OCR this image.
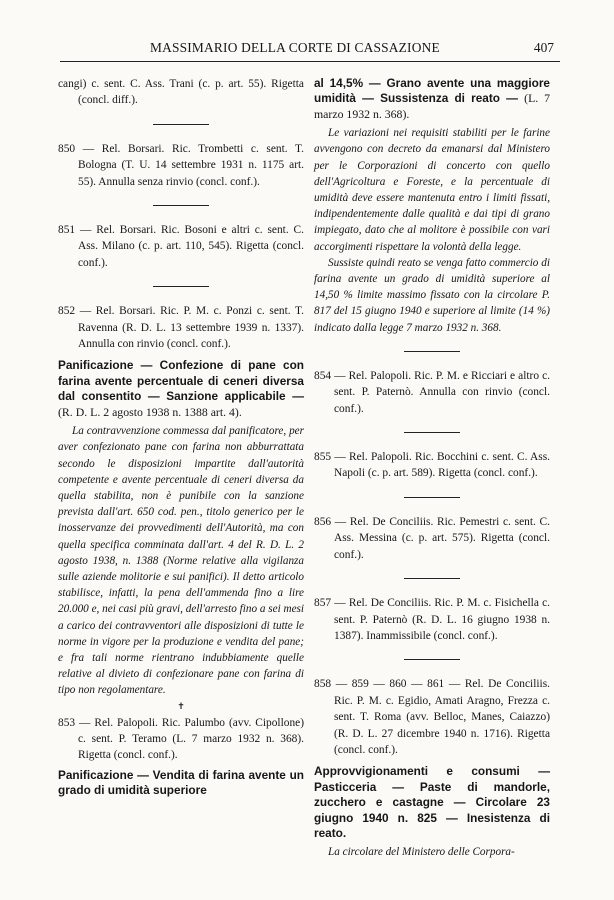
MASSIMARIO DELLA CORTE DI CASSAZIONE	407

cangi) c. sent. C. Ass. Trani (c. p. art. 55). Rigetta (concl. diff.).

850 — Rel. Borsari. Ric. Trombetti c. sent. T. Bologna (T. U. 14 settembre 1931 n. 1175 art. 55). Annulla senza rinvio (concl. conf.).

851 — Rel. Borsari. Ric. Bosoni e altri c. sent. C. Ass. Milano (c. p. art. 110, 545). Rigetta (concl. conf.).

852 — Rel. Borsari. Ric. P. M. c. Ponzi c. sent. T. Ravenna (R. D. L. 13 settembre 1939 n. 1337). Annulla con rinvio (concl. conf.).

Panificazione — Confezione di pane con farina avente percentuale di ceneri diversa dal consentito — Sanzione applicabile — (R. D. L. 2 agosto 1938 n. 1388 art. 4).

La contravvenzione commessa dal panificatore, per aver confezionato pane con farina non abburrattata secondo le disposizioni impartite dall'autorità competente e avente percentuale di ceneri diversa da quella stabilita, non è punibile con la sanzione prevista dall'art. 650 cod. pen., titolo generico per le inosservanze dei provvedimenti dell'Autorità, ma con quella specifica comminata dall'art. 4 del R. D. L. 2 agosto 1938, n. 1388 (Norme relative alla vigilanza sulle aziende molitorie e sui panifici). Il detto articolo stabilisce, infatti, la pena dell'ammenda fino a lire 20.000 e, nei casi più gravi, dell'arresto fino a sei mesi a carico dei contravventori alle disposizioni di tutte le norme in vigore per la produzione e vendita del pane; e fra tali norme rientrano indubbiamente quelle relative al divieto di confezionare pane con farina di tipo non regolamentare.

✝

853 — Rel. Palopoli. Ric. Palumbo (avv. Cipollone) c. sent. P. Teramo (L. 7 marzo 1932 n. 368). Rigetta (concl. conf.).

Panificazione — Vendita di farina avente un grado di umidità superiore

al 14,5% — Grano avente una maggiore umidità — Sussistenza di reato — (L. 7 marzo 1932 n. 368).

Le variazioni nei requisiti stabiliti per le farine avvengono con decreto da emanarsi dal Ministero per le Corporazioni di concerto con quello dell'Agricoltura e Foreste, e la percentuale di umidità deve essere mantenuta entro i limiti fissati, indipendentemente dalle qualità e dai tipi di grano impiegato, dato che al molitore è possibile con vari accorgimenti rispettare la volontà della legge.

Sussiste quindi reato se venga fatto commercio di farina avente un grado di umidità superiore al 14,50 % limite massimo fissato con la circolare P. 817 del 15 giugno 1940 e superiore al limite (14 %) indicato dalla legge 7 marzo 1932 n. 368.

854 — Rel. Palopoli. Ric. P. M. e Ricciari e altro c. sent. P. Paternò. Annulla con rinvio (concl. conf.).

855 — Rel. Palopoli. Ric. Bocchini c. sent. C. Ass. Napoli (c. p. art. 589). Rigetta (concl. conf.).

856 — Rel. De Conciliis. Ric. Pemestri c. sent. C. Ass. Messina (c. p. art. 575). Rigetta (concl. conf.).

857 — Rel. De Conciliis. Ric. P. M. c. Fisichella c. sent. P. Paternò (R. D. L. 16 giugno 1938 n. 1387). Inammissibile (concl. conf.).

858 — 859 — 860 — 861 — Rel. De Conciliis. Ric. P. M. c. Egidio, Amati Aragno, Frezza c. sent. T. Roma (avv. Belloc, Manes, Caiazzo) (R. D. L. 27 dicembre 1940 n. 1716). Rigetta (concl. conf.).

Approvvigionamenti e consumi — Pasticceria — Paste di mandorle, zucchero e castagne — Circolare 23 giugno 1940 n. 825 — Inesistenza di reato.

La circolare del Ministero delle Corpora-
